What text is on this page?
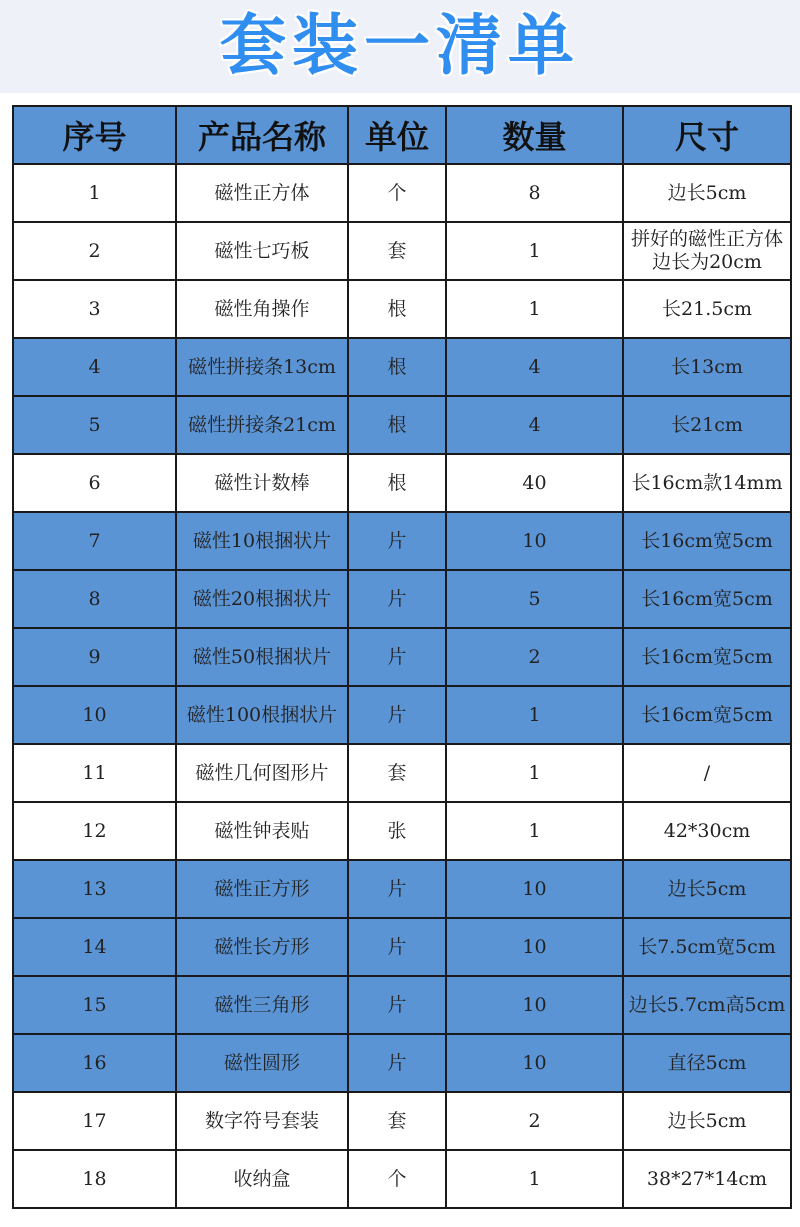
套装一清单
序号	产品名称	单位	数量	尺寸
1	磁性正方体	个	8	边长5cm
2	磁性七巧板	套	1	拼好的磁性正方体边长为20cm
3	磁性角操作	根	1	长21.5cm
4	磁性拼接条13cm	根	4	长13cm
5	磁性拼接条21cm	根	4	长21cm
6	磁性计数棒	根	40	长16cm款14mm
7	磁性10根捆状片	片	10	长16cm宽5cm
8	磁性20根捆状片	片	5	长16cm宽5cm
9	磁性50根捆状片	片	2	长16cm宽5cm
10	磁性100根捆状片	片	1	长16cm宽5cm
11	磁性几何图形片	套	1	/
12	磁性钟表贴	张	1	42*30cm
13	磁性正方形	片	10	边长5cm
14	磁性长方形	片	10	长7.5cm宽5cm
15	磁性三角形	片	10	边长5.7cm高5cm
16	磁性圆形	片	10	直径5cm
17	数字符号套装	套	2	边长5cm
18	收纳盒	个	1	38*27*14cm
